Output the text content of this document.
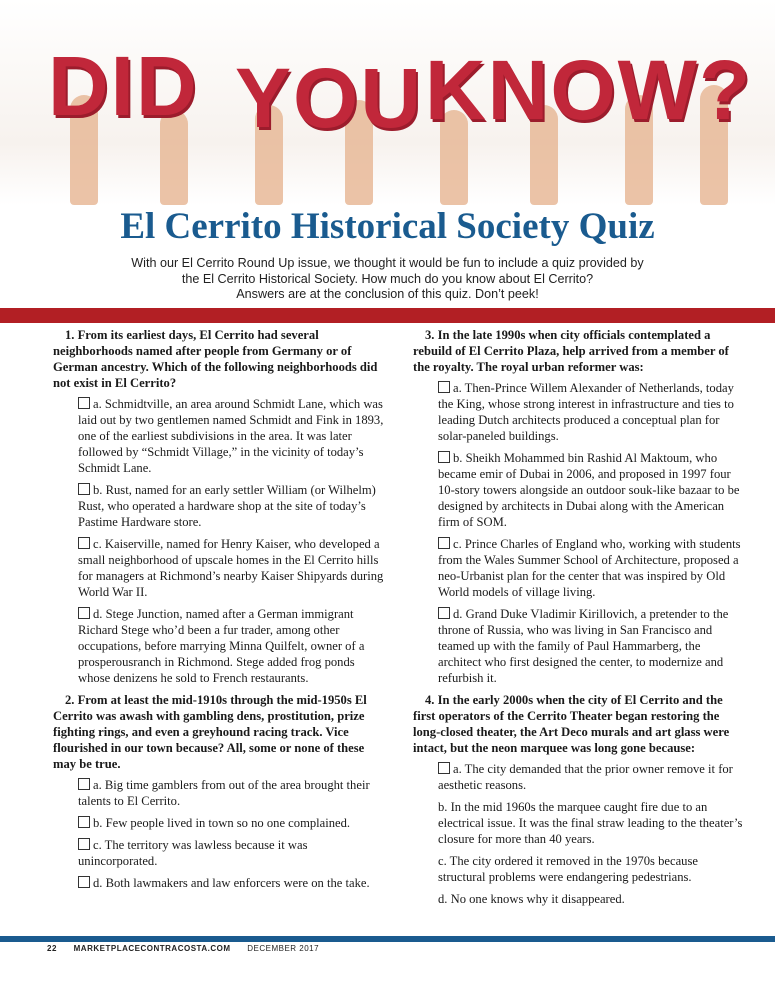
DID YOU KNOW?
El Cerrito Historical Society Quiz
With our El Cerrito Round Up issue, we thought it would be fun to include a quiz provided by
the El Cerrito Historical Society. How much do you know about El Cerrito?
Answers are at the conclusion of this quiz. Don’t peek!

1. From its earliest days, El Cerrito had several neighborhoods named after people from Germany or of German ancestry. Which of the following neighborhoods did not exist in El Cerrito?

a. Schmidtville, an area around Schmidt Lane, which was laid out by two gentlemen named Schmidt and Fink in 1893, one of the earliest subdivisions in the area. It was later followed by “Schmidt Village,” in the vicinity of today’s Schmidt Lane.

b. Rust, named for an early settler William (or Wilhelm) Rust, who operated a hardware shop at the site of today’s Pastime Hardware store.

c. Kaiserville, named for Henry Kaiser, who developed a small neighborhood of upscale homes in the El Cerrito hills for managers at Richmond’s nearby Kaiser Shipyards during World War II.

d. Stege Junction, named after a German immigrant Richard Stege who’d been a fur trader, among other occupations, before marrying Minna Quilfelt, owner of a prosperousranch in Richmond. Stege added frog ponds whose denizens he sold to French restaurants.

2. From at least the mid-1910s through the mid-1950s El Cerrito was awash with gambling dens, prostitution, prize fighting rings, and even a greyhound racing track. Vice flourished in our town because? All, some or none of these may be true.

a. Big time gamblers from out of the area brought their talents to El Cerrito.

b. Few people lived in town so no one complained.

c. The territory was lawless because it was unincorporated.

d. Both lawmakers and law enforcers were on the take.

3. In the late 1990s when city officials contemplated a rebuild of El Cerrito Plaza, help arrived from a member of the royalty. The royal urban reformer was:

a. Then-Prince Willem Alexander of Netherlands, today the King, whose strong interest in infrastructure and ties to leading Dutch architects produced a conceptual plan for solar-paneled buildings.

b. Sheikh Mohammed bin Rashid Al Maktoum, who became emir of Dubai in 2006, and proposed in 1997 four 10-story towers alongside an outdoor souk-like bazaar to be designed by architects in Dubai along with the American firm of SOM.

c. Prince Charles of England who, working with students from the Wales Summer School of Architecture, proposed a neo-Urbanist plan for the center that was inspired by Old World models of village living.

d. Grand Duke Vladimir Kirillovich, a pretender to the throne of Russia, who was living in San Francisco and teamed up with the family of Paul Hammarberg, the architect who first designed the center, to modernize and refurbish it.

4. In the early 2000s when the city of El Cerrito and the first operators of the Cerrito Theater began restoring the long-closed theater, the Art Deco murals and art glass were intact, but the neon marquee was long gone because:

a. The city demanded that the prior owner remove it for aesthetic reasons.

b. In the mid 1960s the marquee caught fire due to an electrical issue. It was the final straw leading to the theater’s closure for more than 40 years.

c. The city ordered it removed in the 1970s because structural problems were endangering pedestrians.

d. No one knows why it disappeared.

22 MARKETPLACECONTRACOSTA.COM DECEMBER 2017
